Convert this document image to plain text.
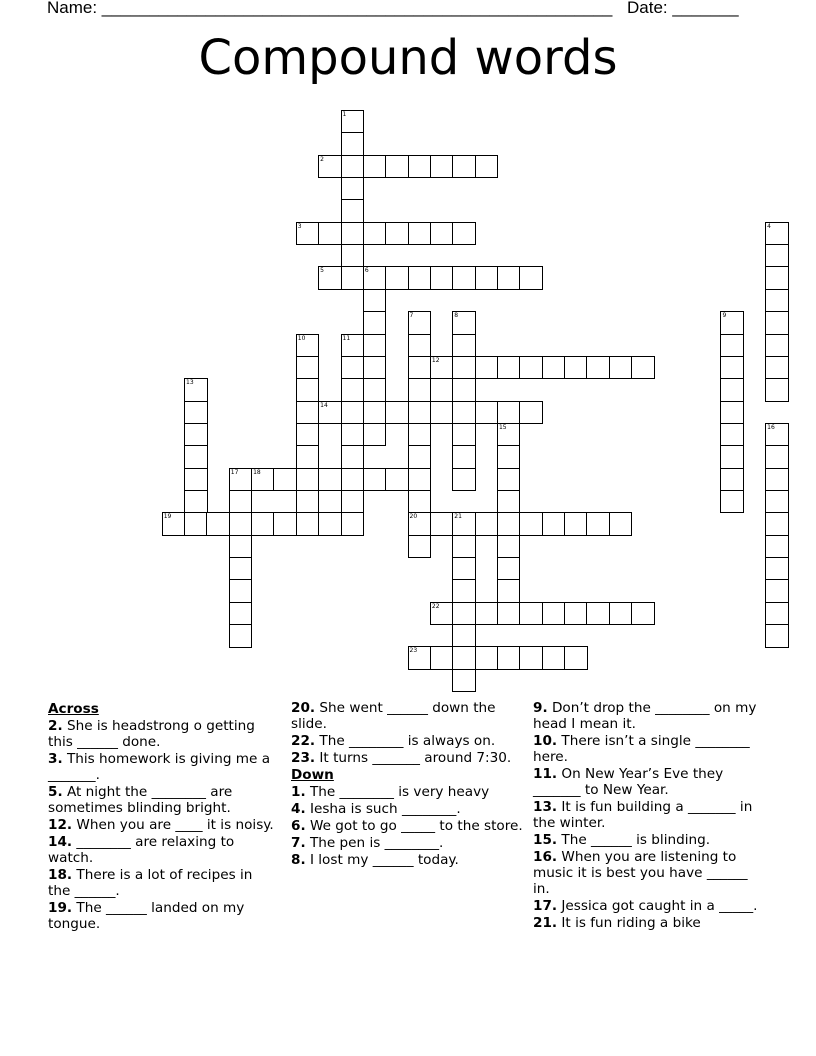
Name: ______________________________________________________ Date: _______
Compound words
1
2
3	4
5	6
7
20
8	9
10	11
12
13
14
15	16
17 18
19	21
22
23
Across
2. She is headstrong o getting this ______ done.
3. This homework is giving me a _______.
5. At night the ________ are sometimes blinding bright.
12. When you are ____ it is noisy.
14. ________ are relaxing to watch.
18. There is a lot of recipes in the ______.
19. The ______ landed on my tongue.
20. She went ______ down the slide.
22. The ________ is always on.
23. It turns _______ around 7:30.
Down
1. The ________ is very heavy
4. Iesha is such ________.
6. We got to go _____ to the store.
7. The pen is ________.
8. I lost my ______ today.
9. Don’t drop the ________ on my head I mean it.
10. There isn’t a single ________ here.
11. On New Year’s Eve they _______ to New Year.
13. It is fun building a _______ in the winter.
15. The ______ is blinding.
16. When you are listening to music it is best you have ______ in.
17. Jessica got caught in a _____.
21. It is fun riding a bike
